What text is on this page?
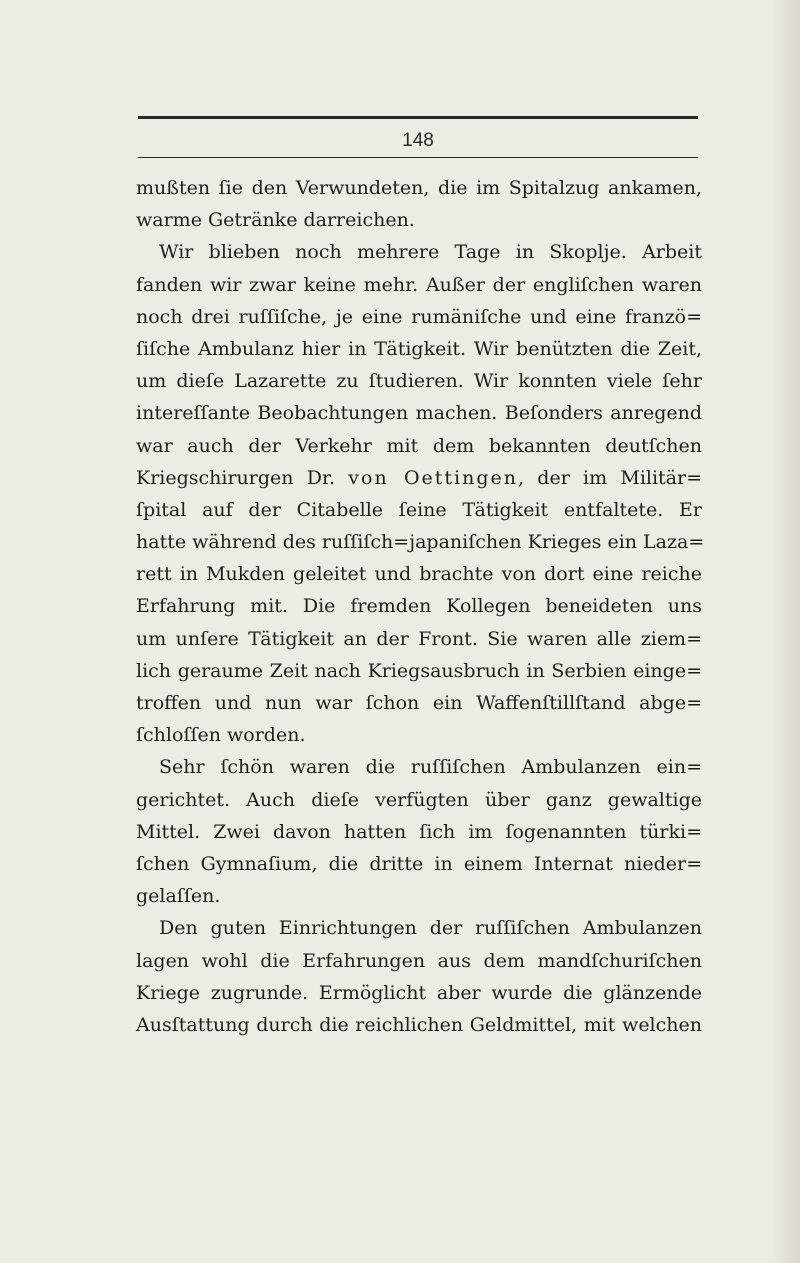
148
mußten ſie den Verwundeten, die im Spitalzug ankamen,
warme Getränke darreichen.
Wir blieben noch mehrere Tage in Skoplje. Arbeit
fanden wir zwar keine mehr. Außer der engliſchen waren
noch drei ruſſiſche, je eine rumäniſche und eine franzö=
ſiſche Ambulanz hier in Tätigkeit. Wir benützten die Zeit,
um dieſe Lazarette zu ſtudieren. Wir konnten viele ſehr
intereſſante Beobachtungen machen. Beſonders anregend
war auch der Verkehr mit dem bekannten deutſchen
Kriegschirurgen Dr. von Oettingen, der im Militär=
ſpital auf der Citabelle ſeine Tätigkeit entfaltete. Er
hatte während des ruſſiſch=japaniſchen Krieges ein Laza=
rett in Mukden geleitet und brachte von dort eine reiche
Erfahrung mit. Die fremden Kollegen beneideten uns
um unſere Tätigkeit an der Front. Sie waren alle ziem=
lich geraume Zeit nach Kriegsausbruch in Serbien einge=
troffen und nun war ſchon ein Waffenſtillſtand abge=
ſchloſſen worden.
Sehr ſchön waren die ruſſiſchen Ambulanzen ein=
gerichtet. Auch dieſe verfügten über ganz gewaltige
Mittel. Zwei davon hatten ſich im ſogenannten türki=
ſchen Gymnaſium, die dritte in einem Internat nieder=
gelaſſen.
Den guten Einrichtungen der ruſſiſchen Ambulanzen
lagen wohl die Erfahrungen aus dem mandſchuriſchen
Kriege zugrunde. Ermöglicht aber wurde die glänzende
Ausſtattung durch die reichlichen Geldmittel, mit welchen
